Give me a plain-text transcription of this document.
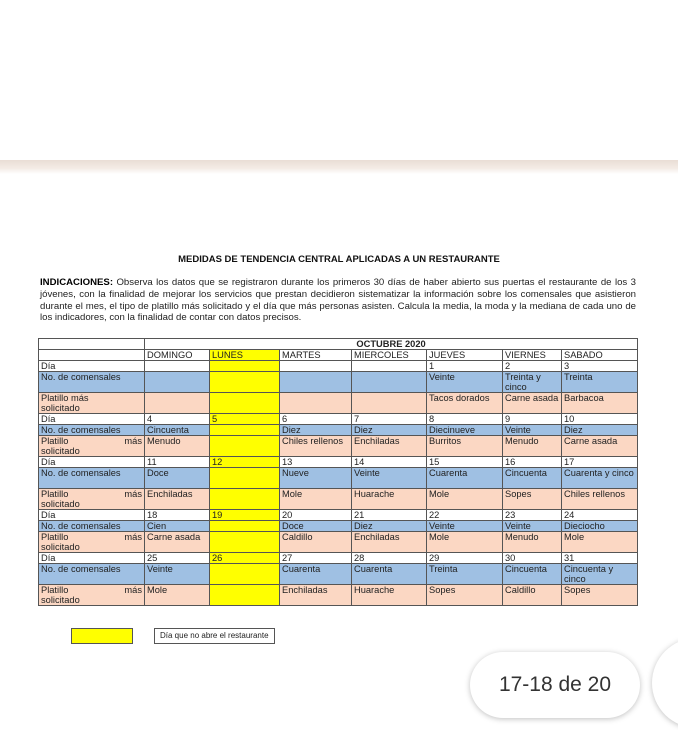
MEDIDAS DE TENDENCIA CENTRAL APLICADAS A UN RESTAURANTE
INDICACIONES: Observa los datos que se registraron durante los primeros 30 días de haber abierto sus puertas el restaurante de los 3 jóvenes, con la finalidad de mejorar los servicios que prestan decidieron sistematizar la información sobre los comensales que asistieron durante el mes, el tipo de platillo más solicitado y el día que más personas asisten. Calcula la media, la moda y la mediana de cada uno de los indicadores, con la finalidad de contar con datos precisos.
	OCTUBRE 2020						
	DOMINGO	LUNES	MARTES	MIERCOLES	JUEVES	VIERNES	SABADO
Día					1	2	3
No. de comensales					Veinte	Treinta y cinco	Treinta

Platillo más
solicitado					Tacos dorados	Carne asada	Barbacoa
Día	4	5	6	7	8	9	10
No. de comensales	Cincuenta		Diez	Diez	Diecinueve	Veinte	Diez

Platillo más
solicitado	Menudo		Chiles rellenos	Enchiladas	Burritos	Menudo	Carne asada
Día	11	12	13	14	15	16	17
No. de comensales	Doce		Nueve	Veinte	Cuarenta	Cincuenta	Cuarenta y cinco

Platillo más
solicitado	Enchiladas		Mole	Huarache	Mole	Sopes	Chiles rellenos
Día	18	19	20	21	22	23	24
No. de comensales	Cien		Doce	Diez	Veinte	Veinte	Dieciocho

Platillo más
solicitado	Carne asada		Caldillo	Enchiladas	Mole	Menudo	Mole
Día	25	26	27	28	29	30	31
No. de comensales	Veinte		Cuarenta	Cuarenta	Treinta	Cincuenta	Cincuenta y cinco

Platillo más
solicitado	Mole		Enchiladas	Huarache	Sopes	Caldillo	Sopes
Día que no abre el restaurante
17-18 de 20
